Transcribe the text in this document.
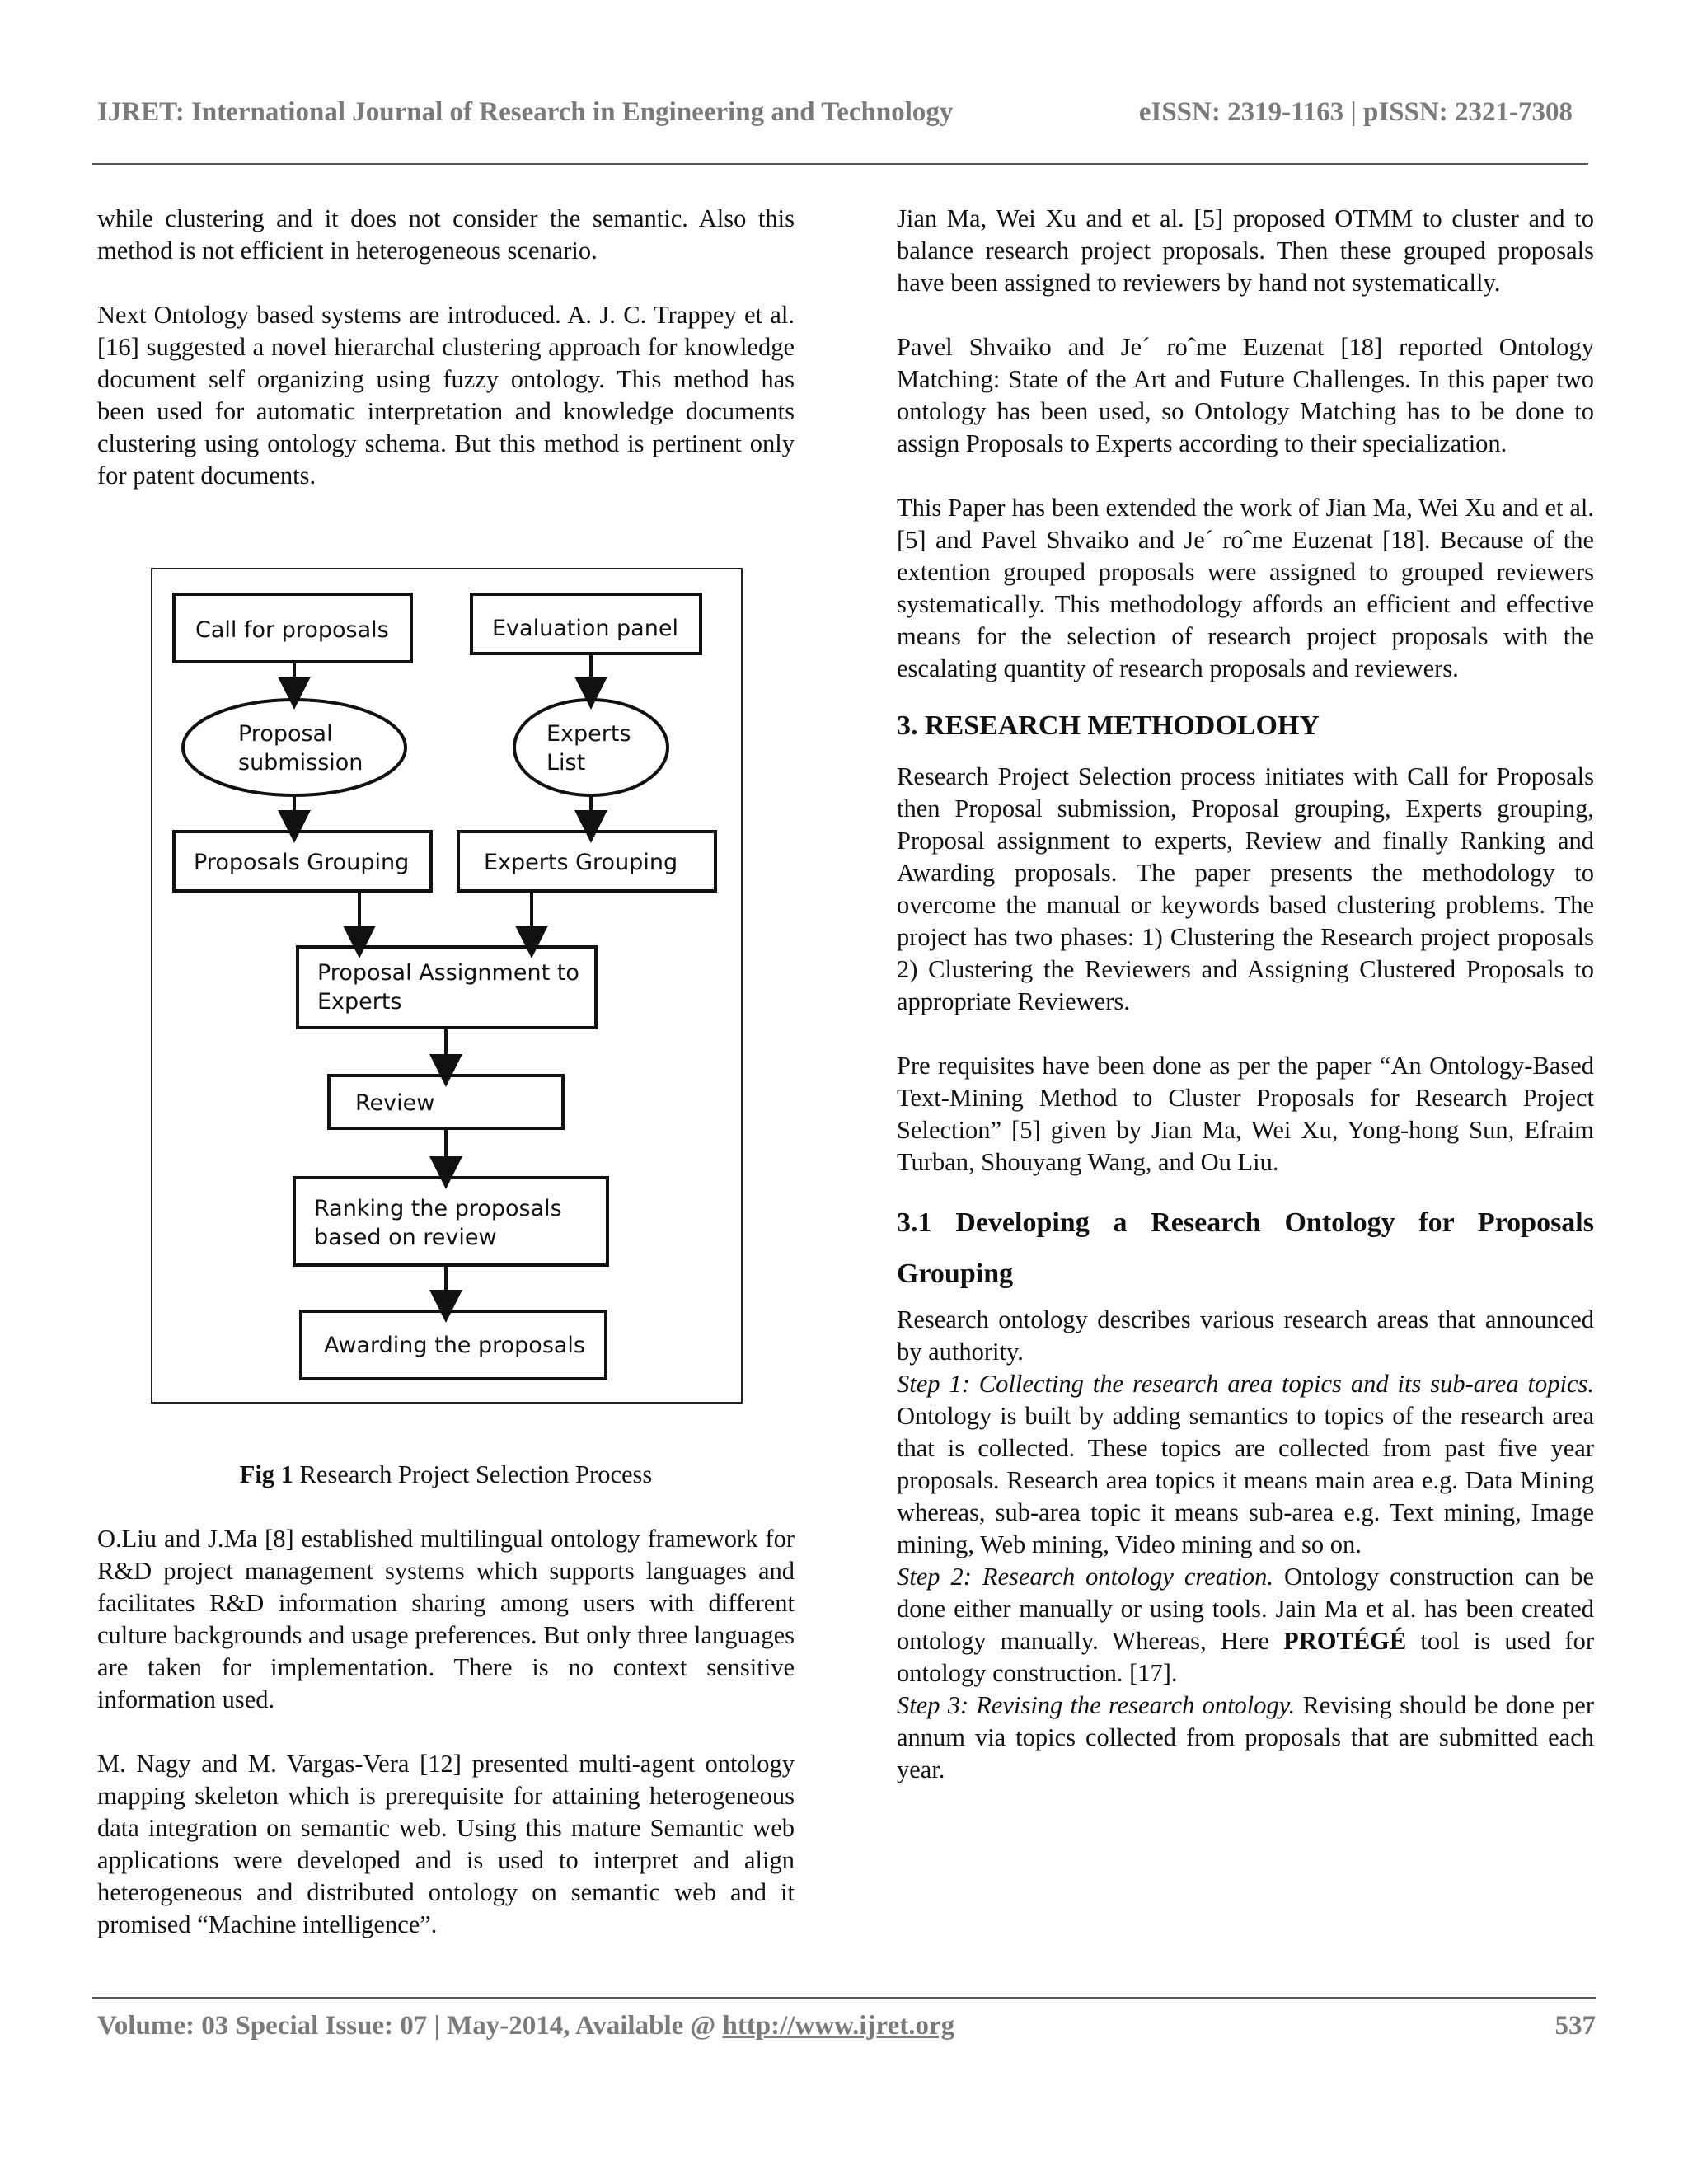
IJRET: International Journal of Research in Engineering and Technology	eISSN: 2319-1163 | pISSN: 2321-7308

while clustering and it does not consider the semantic. Also this method is not efficient in heterogeneous scenario.

Next Ontology based systems are introduced. A. J. C. Trappey et al. [16] suggested a novel hierarchal clustering approach for knowledge document self organizing using fuzzy ontology. This method has been used for automatic interpretation and knowledge documents clustering using ontology schema. But this method is pertinent only for patent documents.

Call for proposals	Evaluation panel
Proposal
submission
Experts
List
Proposals Grouping	Experts Grouping
Proposal Assignment to
Experts
Review
Ranking the proposals
based on review
Awarding the proposals
Fig 1 Research Project Selection Process

O.Liu and J.Ma [8] established multilingual ontology framework for R&D project management systems which supports languages and facilitates R&D information sharing among users with different culture backgrounds and usage preferences. But only three languages are taken for implementation. There is no context sensitive information used.

M. Nagy and M. Vargas-Vera [12] presented multi-agent ontology mapping skeleton which is prerequisite for attaining heterogeneous data integration on semantic web. Using this mature Semantic web applications were developed and is used to interpret and align heterogeneous and distributed ontology on semantic web and it promised “Machine intelligence”.

Jian Ma, Wei Xu and et al. [5] proposed OTMM to cluster and to balance research project proposals. Then these grouped proposals have been assigned to reviewers by hand not systematically.

Pavel Shvaiko and Je´ roˆme Euzenat [18] reported Ontology Matching: State of the Art and Future Challenges. In this paper two ontology has been used, so Ontology Matching has to be done to assign Proposals to Experts according to their specialization.

This Paper has been extended the work of Jian Ma, Wei Xu and et al. [5] and Pavel Shvaiko and Je´ roˆme Euzenat [18]. Because of the extention grouped proposals were assigned to grouped reviewers systematically. This methodology affords an efficient and effective means for the selection of research project proposals with the escalating quantity of research proposals and reviewers.

3. RESEARCH METHODOLOHY

Research Project Selection process initiates with Call for Proposals then Proposal submission, Proposal grouping, Experts grouping, Proposal assignment to experts, Review and finally Ranking and Awarding proposals. The paper presents the methodology to overcome the manual or keywords based clustering problems. The project has two phases: 1) Clustering the Research project proposals 2) Clustering the Reviewers and Assigning Clustered Proposals to appropriate Reviewers.

Pre requisites have been done as per the paper “An Ontology-Based Text-Mining Method to Cluster Proposals for Research Project Selection” [5] given by Jian Ma, Wei Xu, Yong-hong Sun, Efraim Turban, Shouyang Wang, and Ou Liu.

3.1 Developing a Research Ontology for Proposals
Grouping

Research ontology describes various research areas that announced by authority.

Step 1: Collecting the research area topics and its sub-area topics. Ontology is built by adding semantics to topics of the research area that is collected. These topics are collected from past five year proposals. Research area topics it means main area e.g. Data Mining whereas, sub-area topic it means sub-area e.g. Text mining, Image mining, Web mining, Video mining and so on.

Step 2: Research ontology creation. Ontology construction can be done either manually or using tools. Jain Ma et al. has been created ontology manually. Whereas, Here PROTÉGÉ tool is used for ontology construction. [17].

Step 3: Revising the research ontology. Revising should be done per annum via topics collected from proposals that are submitted each year.

Volume: 03 Special Issue: 07 | May-2014, Available @ http://www.ijret.org	537
